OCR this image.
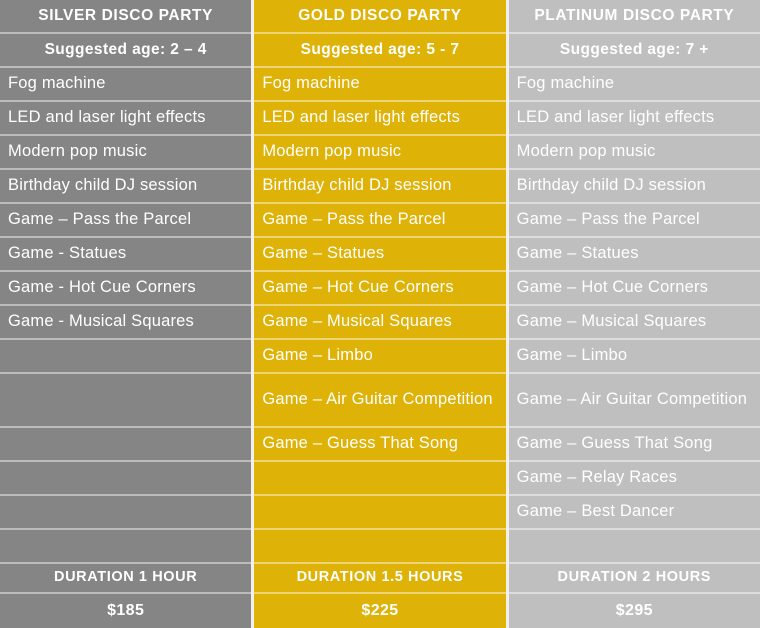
SILVER DISCO PARTY
Suggested age: 2 – 4
Fog machine
LED and laser light effects
Modern pop music
Birthday child DJ session
Game – Pass the Parcel
Game - Statues
Game - Hot Cue Corners
Game - Musical Squares
DURATION 1 HOUR
$185
GOLD DISCO PARTY
Suggested age: 5 - 7
Fog machine
LED and laser light effects
Modern pop music
Birthday child DJ session
Game – Pass the Parcel
Game – Statues
Game – Hot Cue Corners
Game – Musical Squares
Game – Limbo
Game – Air Guitar Competition
Game – Guess That Song
DURATION 1.5 HOURS
$225
PLATINUM DISCO PARTY
Suggested age: 7 +
Fog machine
LED and laser light effects
Modern pop music
Birthday child DJ session
Game – Pass the Parcel
Game – Statues
Game – Hot Cue Corners
Game – Musical Squares
Game – Limbo
Game – Air Guitar Competition
Game – Guess That Song
Game – Relay Races
Game – Best Dancer
DURATION 2 HOURS
$295
